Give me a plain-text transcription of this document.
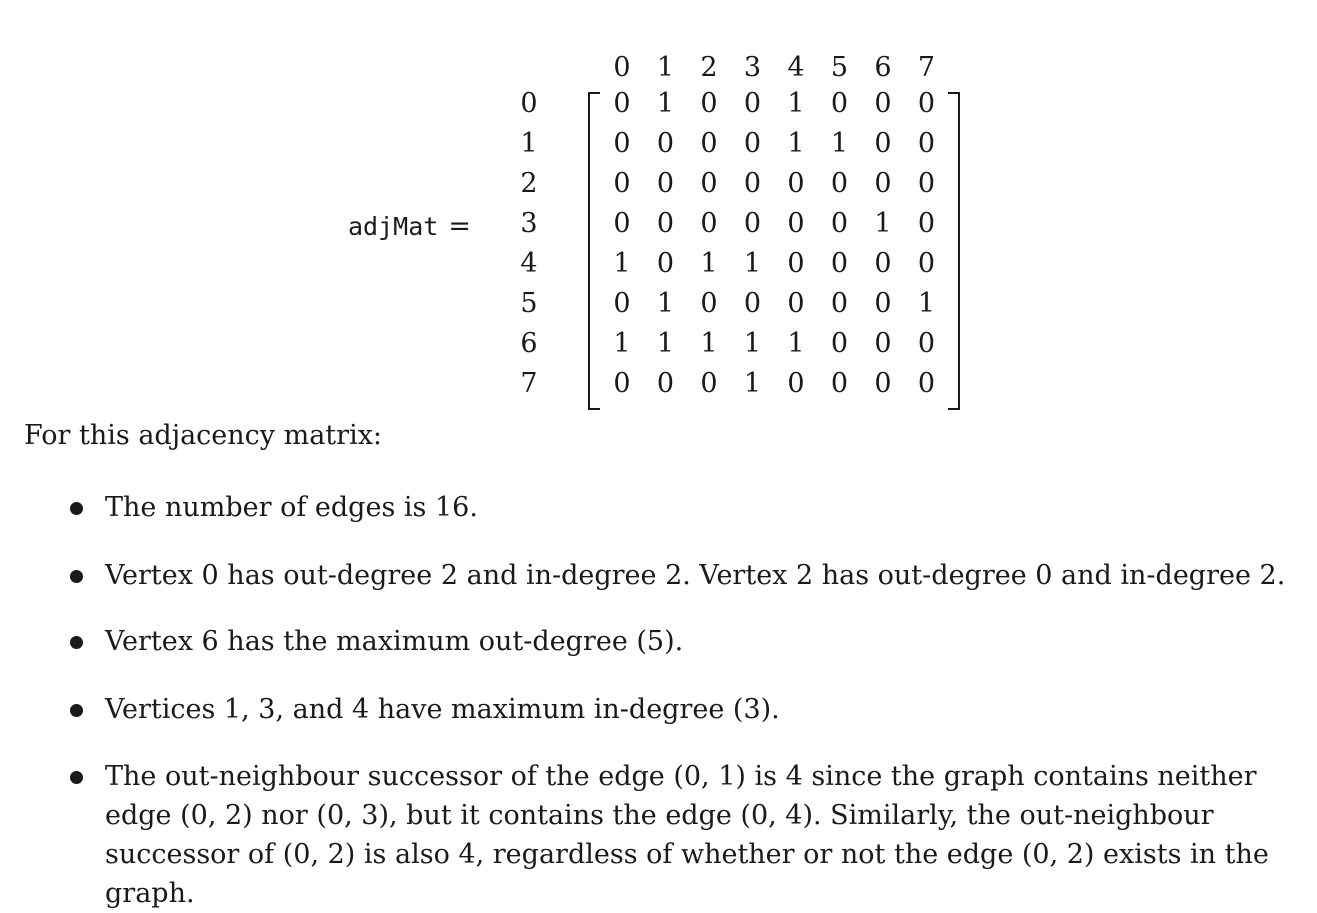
adjMat =
0 1 2 3 4 5 6 7
0
1
2
3
4
5
6
7
0 1 0 0 1 0 0 0
0 0 0 0 1 1 0 0
0 0 0 0 0 0 0 0
0 0 0 0 0 0 1 0
1 0 1 1 0 0 0 0
0 1 0 0 0 0 0 1
1 1 1 1 1 0 0 0
0 0 0 1 0 0 0 0
For this adjacency matrix:
The number of edges is 16.
Vertex 0 has out-degree 2 and in-degree 2. Vertex 2 has out-degree 0 and in-degree 2.
Vertex 6 has the maximum out-degree (5).
Vertices 1, 3, and 4 have maximum in-degree (3).
The out-neighbour successor of the edge (0, 1) is 4 since the graph contains neither edge (0, 2) nor (0, 3), but it contains the edge (0, 4). Similarly, the out-neighbour successor of (0, 2) is also 4, regardless of whether or not the edge (0, 2) exists in the graph.
